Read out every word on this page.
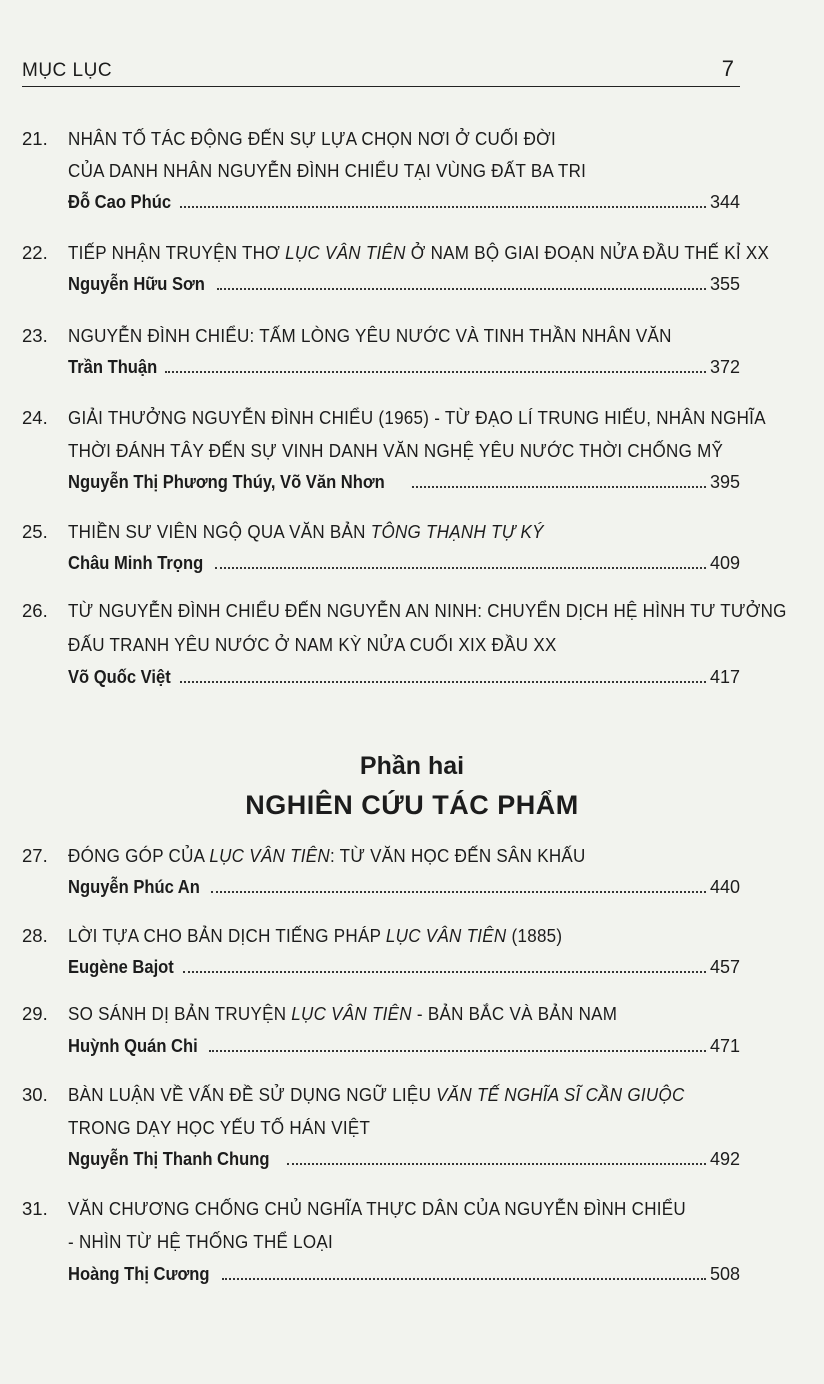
MỤC LỤC	7
21. NHÂN TỐ TÁC ĐỘNG ĐẾN SỰ LỰA CHỌN NƠI Ở CUỐI ĐỜI
CỦA DANH NHÂN NGUYỄN ĐÌNH CHIỂU TẠI VÙNG ĐẤT BA TRI
Đỗ Cao Phúc	344
22. TIẾP NHẬN TRUYỆN THƠ LỤC VÂN TIÊN Ở NAM BỘ GIAI ĐOẠN NỬA ĐẦU THẾ KỈ XX
Nguyễn Hữu Sơn	355
23. NGUYỄN ĐÌNH CHIỂU: TẤM LÒNG YÊU NƯỚC VÀ TINH THẦN NHÂN VĂN
Trần Thuận	372
24. GIẢI THƯỞNG NGUYỄN ĐÌNH CHIỂU (1965) - TỪ ĐẠO LÍ TRUNG HIẾU, NHÂN NGHĨA
THỜI ĐÁNH TÂY ĐẾN SỰ VINH DANH VĂN NGHỆ YÊU NƯỚC THỜI CHỐNG MỸ
Nguyễn Thị Phương Thúy, Võ Văn Nhơn	395
25. THIỀN SƯ VIÊN NGỘ QUA VĂN BẢN TÔNG THẠNH TỰ KÝ
Châu Minh Trọng	409
26. TỪ NGUYỄN ĐÌNH CHIỂU ĐẾN NGUYỄN AN NINH: CHUYỂN DỊCH HỆ HÌNH TƯ TƯỞNG
ĐẤU TRANH YÊU NƯỚC Ở NAM KỲ NỬA CUỐI XIX ĐẦU XX
Võ Quốc Việt	417
Phần hai
NGHIÊN CỨU TÁC PHẨM
27. ĐÓNG GÓP CỦA LỤC VÂN TIÊN: TỪ VĂN HỌC ĐẾN SÂN KHẤU
Nguyễn Phúc An	440
28. LỜI TỰA CHO BẢN DỊCH TIẾNG PHÁP LỤC VÂN TIÊN (1885)
Eugène Bajot	457
29. SO SÁNH DỊ BẢN TRUYỆN LỤC VÂN TIÊN - BẢN BẮC VÀ BẢN NAM
Huỳnh Quán Chi	471
30. BÀN LUẬN VỀ VẤN ĐỀ SỬ DỤNG NGỮ LIỆU VĂN TẾ NGHĨA SĨ CẦN GIUỘC
TRONG DẠY HỌC YẾU TỐ HÁN VIỆT
Nguyễn Thị Thanh Chung	492
31. VĂN CHƯƠNG CHỐNG CHỦ NGHĨA THỰC DÂN CỦA NGUYỄN ĐÌNH CHIỂU
- NHÌN TỪ HỆ THỐNG THỂ LOẠI
Hoàng Thị Cương	508
